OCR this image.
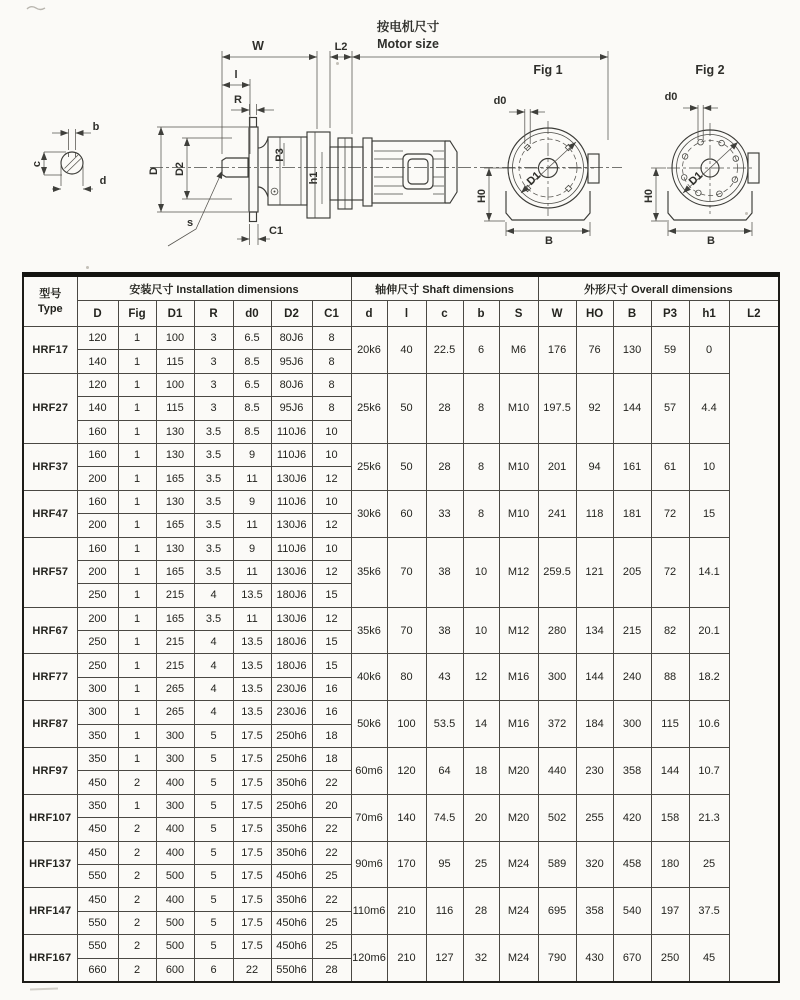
b
c
d
P3
h1
W
l
R
L2
按电机尺寸
Motor size
C1
s
D D2
Fig 1
D1
H0
B
d0
Fig 2
D1
H0
B
d0
型号
Type	安装尺寸 Installation dimensions							轴伸尺寸 Shaft dimensions					外形尺寸 Overall dimensions					
	D	Fig	D1	R	d0	D2	C1	d	l	c	b	S	W	HO	B	P3	h1	L2
HRF17	120	1	100	3	6.5	80J6	8	20k6	40	22.5	6	M6	176	76	130	59	0	
	140	1	115	3	8.5	95J6	8											
HRF27	120	1	100	3	6.5	80J6	8	25k6	50	28	8	M10	197.5	92	144	57	4.4	
	140	1	115	3	8.5	95J6	8											
	160	1	130	3.5	8.5	110J6	10											
HRF37	160	1	130	3.5	9	110J6	10	25k6	50	28	8	M10	201	94	161	61	10	
	200	1	165	3.5	11	130J6	12											
HRF47	160	1	130	3.5	9	110J6	10	30k6	60	33	8	M10	241	118	181	72	15	
	200	1	165	3.5	11	130J6	12											
HRF57	160	1	130	3.5	9	110J6	10	35k6	70	38	10	M12	259.5	121	205	72	14.1	
	200	1	165	3.5	11	130J6	12											
	250	1	215	4	13.5	180J6	15											
HRF67	200	1	165	3.5	11	130J6	12	35k6	70	38	10	M12	280	134	215	82	20.1	
	250	1	215	4	13.5	180J6	15											
HRF77	250	1	215	4	13.5	180J6	15	40k6	80	43	12	M16	300	144	240	88	18.2	
	300	1	265	4	13.5	230J6	16											
HRF87	300	1	265	4	13.5	230J6	16	50k6	100	53.5	14	M16	372	184	300	115	10.6	
	350	1	300	5	17.5	250h6	18											
HRF97	350	1	300	5	17.5	250h6	18	60m6	120	64	18	M20	440	230	358	144	10.7	
	450	2	400	5	17.5	350h6	22											
HRF107	350	1	300	5	17.5	250h6	20	70m6	140	74.5	20	M20	502	255	420	158	21.3	
	450	2	400	5	17.5	350h6	22											
HRF137	450	2	400	5	17.5	350h6	22	90m6	170	95	25	M24	589	320	458	180	25	
	550	2	500	5	17.5	450h6	25											
HRF147	450	2	400	5	17.5	350h6	22	110m6	210	116	28	M24	695	358	540	197	37.5	
	550	2	500	5	17.5	450h6	25											
HRF167	550	2	500	5	17.5	450h6	25	120m6	210	127	32	M24	790	430	670	250	45	
	660	2	600	6	22	550h6	28											
